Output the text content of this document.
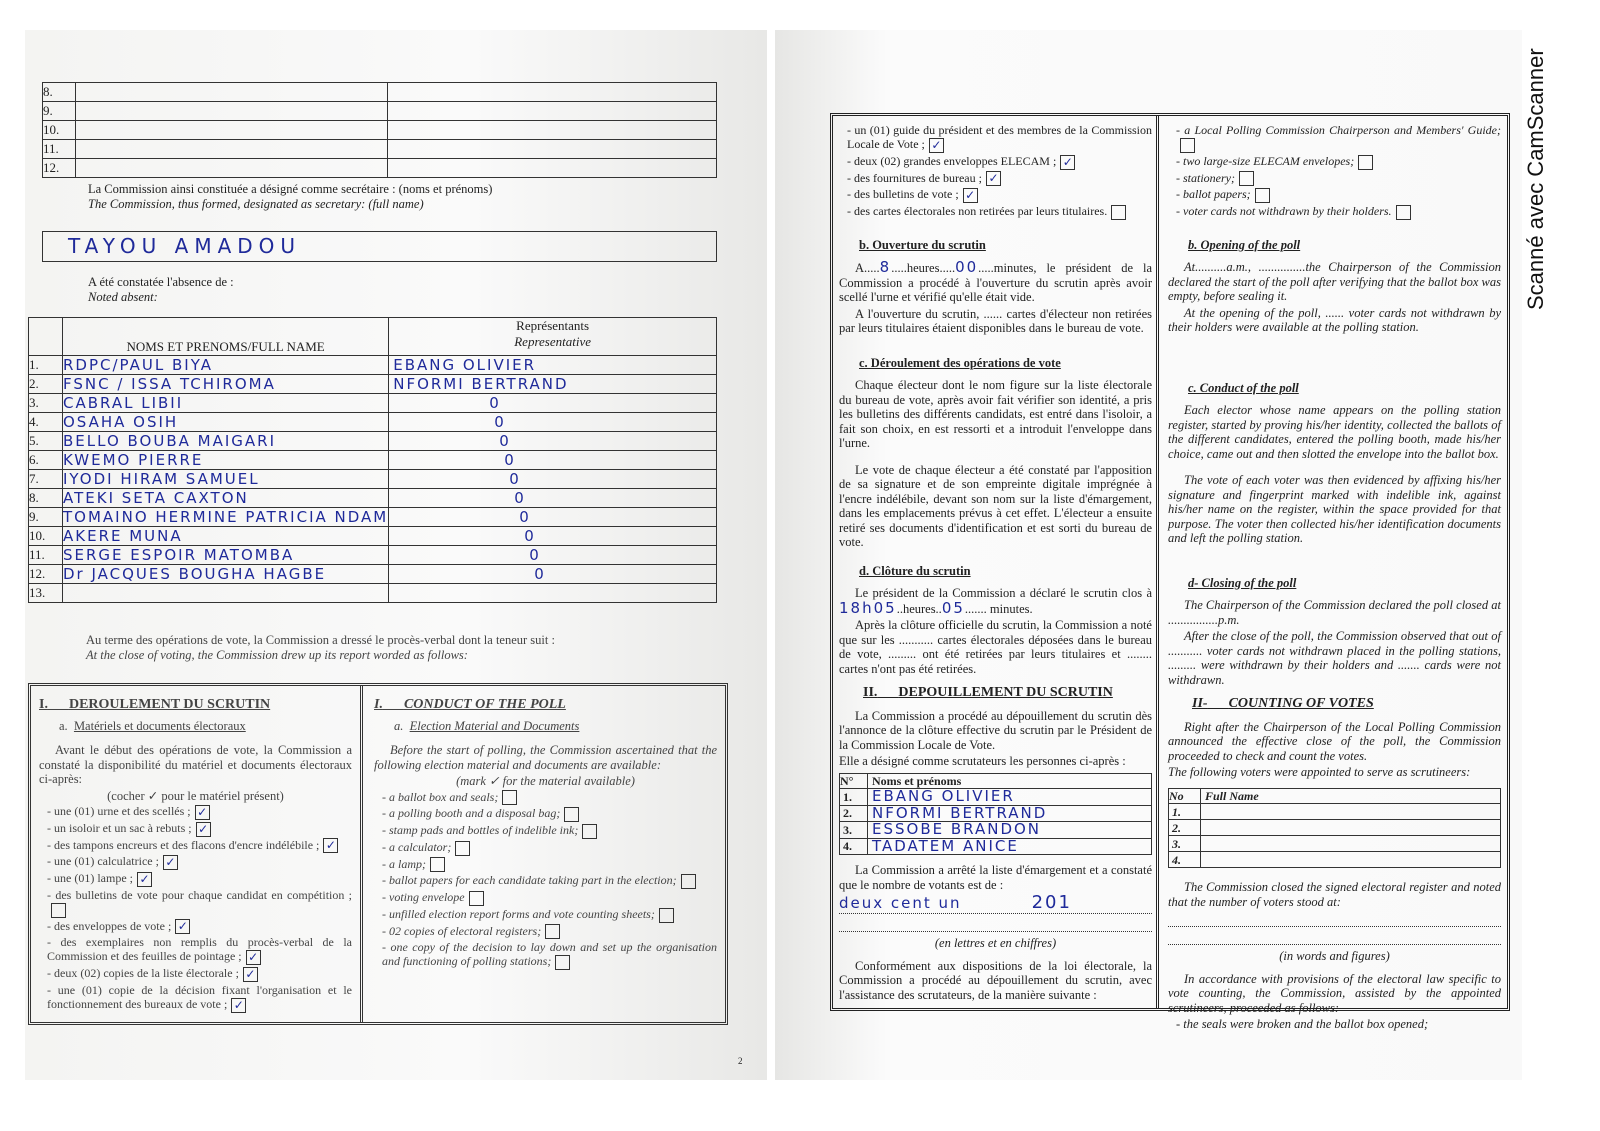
8.		
9.		
10.		
11.		
12.		
La Commission ainsi constituée a désigné comme secrétaire : (noms et prénoms)
The Commission, thus formed, designated as secretary: (full name)
TAYOU AMADOU
A été constatée l'absence de :
Noted absent:
	NOMS ET PRENOMS/FULL NAME	Représentants
Representative
1.	RDPC/PAUL BIYA	EBANG OLIVIER
2.	FSNC / ISSA TCHIROMA	NFORMI BERTRAND
3.	CABRAL LIBII	0
4.	OSAHA OSIH	0
5.	BELLO BOUBA MAIGARI	0
6.	KWEMO PIERRE	0
7.	IYODI HIRAM SAMUEL	0
8.	ATEKI SETA CAXTON	0
9.	TOMAINO HERMINE PATRICIA NDAM	0
10.	AKERE MUNA	0
11.	SERGE ESPOIR MATOMBA	0
12.	Dr JACQUES BOUGHA HAGBE	0
13.		
Au terme des opérations de vote, la Commission a dressé le procès-verbal dont la teneur suit :
At the close of voting, the Commission drew up its report worded as follows:
I. DEROULEMENT DU SCRUTIN
a. Matériels et documents électoraux

Avant le début des opérations de vote, la Commission a constaté la disponibilité du matériel et documents électoraux ci-après:

(cocher ✓ pour le matériel présent)
- une (01) urne et des scellés ; ✓
- un isoloir et un sac à rebuts ; ✓
- des tampons encreurs et des flacons d'encre indélébile ; ✓
- une (01) calculatrice ; ✓
- une (01) lampe ; ✓
- des bulletins de vote pour chaque candidat en compétition ;
- des enveloppes de vote ; ✓
- des exemplaires non remplis du procès-verbal de la Commission et des feuilles de pointage ; ✓
- deux (02) copies de la liste électorale ; ✓
- une (01) copie de la décision fixant l'organisation et le fonctionnement des bureaux de vote ; ✓
I. CONDUCT OF THE POLL
a. Election Material and Documents

Before the start of polling, the Commission ascertained that the following election material and documents are available:

(mark ✓ for the material available)
- a ballot box and seals;
- a polling booth and a disposal bag;
- stamp pads and bottles of indelible ink;
- a calculator;
- a lamp;
- ballot papers for each candidate taking part in the election;
- voting envelope
- unfilled election report forms and vote counting sheets;
- 02 copies of electoral registers;
- one copy of the decision to lay down and set up the organisation and functioning of polling stations;
2
- un (01) guide du président et des membres de la Commission Locale de Vote ; ✓
- deux (02) grandes enveloppes ELECAM ; ✓
- des fournitures de bureau ; ✓
- des bulletins de vote ; ✓
- des cartes électorales non retirées par leurs titulaires.
b. Ouverture du scrutin

A.....8.....heures.....00.....minutes, le président de la Commission a procédé à l'ouverture du scrutin après avoir scellé l'urne et vérifié qu'elle était vide.

A l'ouverture du scrutin, ...... cartes d'électeur non retirées par leurs titulaires étaient disponibles dans le bureau de vote.

c. Déroulement des opérations de vote

Chaque électeur dont le nom figure sur la liste électorale du bureau de vote, après avoir fait vérifier son identité, a pris les bulletins des différents candidats, est entré dans l'isoloir, a fait son choix, en est ressorti et a introduit l'enveloppe dans l'urne.

Le vote de chaque électeur a été constaté par l'apposition de sa signature et de son empreinte digitale imprégnée à l'encre indélébile, devant son nom sur la liste d'émargement, dans les emplacements prévus à cet effet. L'électeur a ensuite retiré ses documents d'identification et est sorti du bureau de vote.

d. Clôture du scrutin

Le président de la Commission a déclaré le scrutin clos à 18h05..heures..05....... minutes.

Après la clôture officielle du scrutin, la Commission a noté que sur les ........... cartes électorales déposées dans le bureau de vote, ......... ont été retirées par leurs titulaires et ........ cartes n'ont pas été retirées.

II. DEPOUILLEMENT DU SCRUTIN

La Commission a procédé au dépouillement du scrutin dès l'annonce de la clôture effective du scrutin par le Président de la Commission Locale de Vote.

Elle a désigné comme scrutateurs les personnes ci-après :
N°	Noms et prénoms
1.	EBANG OLIVIER
2.	NFORMI BERTRAND
3.	ESSOBE BRANDON
4.	TADATEM ANICE

La Commission a arrêté la liste d'émargement et a constaté que le nombre de votants est de :

deux cent un	201
(en lettres et en chiffres)

Conformément aux dispositions de la loi électorale, la Commission a procédé au dépouillement du scrutin, avec l'assistance des scrutateurs, de la manière suivante :

- a Local Polling Commission Chairperson and Members' Guide;
- two large-size ELECAM envelopes;
- stationery;
- ballot papers;
- voter cards not withdrawn by their holders.
b. Opening of the poll

At..........a.m., ...............the Chairperson of the Commission declared the start of the poll after verifying that the ballot box was empty, before sealing it.

At the opening of the poll, ...... voter cards not withdrawn by their holders were available at the polling station.

c. Conduct of the poll

Each elector whose name appears on the polling station register, started by proving his/her identity, collected the ballots of the different candidates, entered the polling booth, made his/her choice, came out and then slotted the envelope into the ballot box.

The vote of each voter was then evidenced by affixing his/her signature and fingerprint marked with indelible ink, against his/her name on the register, within the space provided for that purpose. The voter then collected his/her identification documents and left the polling station.

d- Closing of the poll

The Chairperson of the Commission declared the poll closed at ................p.m.

After the close of the poll, the Commission observed that out of ........... voter cards not withdrawn placed in the polling stations, ......... were withdrawn by their holders and ....... cards were not withdrawn.

II- COUNTING OF VOTES

Right after the Chairperson of the Local Polling Commission announced the effective close of the poll, the Commission proceeded to check and count the votes.

The following voters were appointed to serve as scrutineers:
No	Full Name
1.	
2.	
3.	
4.	

The Commission closed the signed electoral register and noted that the number of voters stood at:

(in words and figures)

In accordance with provisions of the electoral law specific to vote counting, the Commission, assisted by the appointed scrutineers, proceeded as follows:

- the seals were broken and the ballot box opened;
Scanné avec CamScanner
